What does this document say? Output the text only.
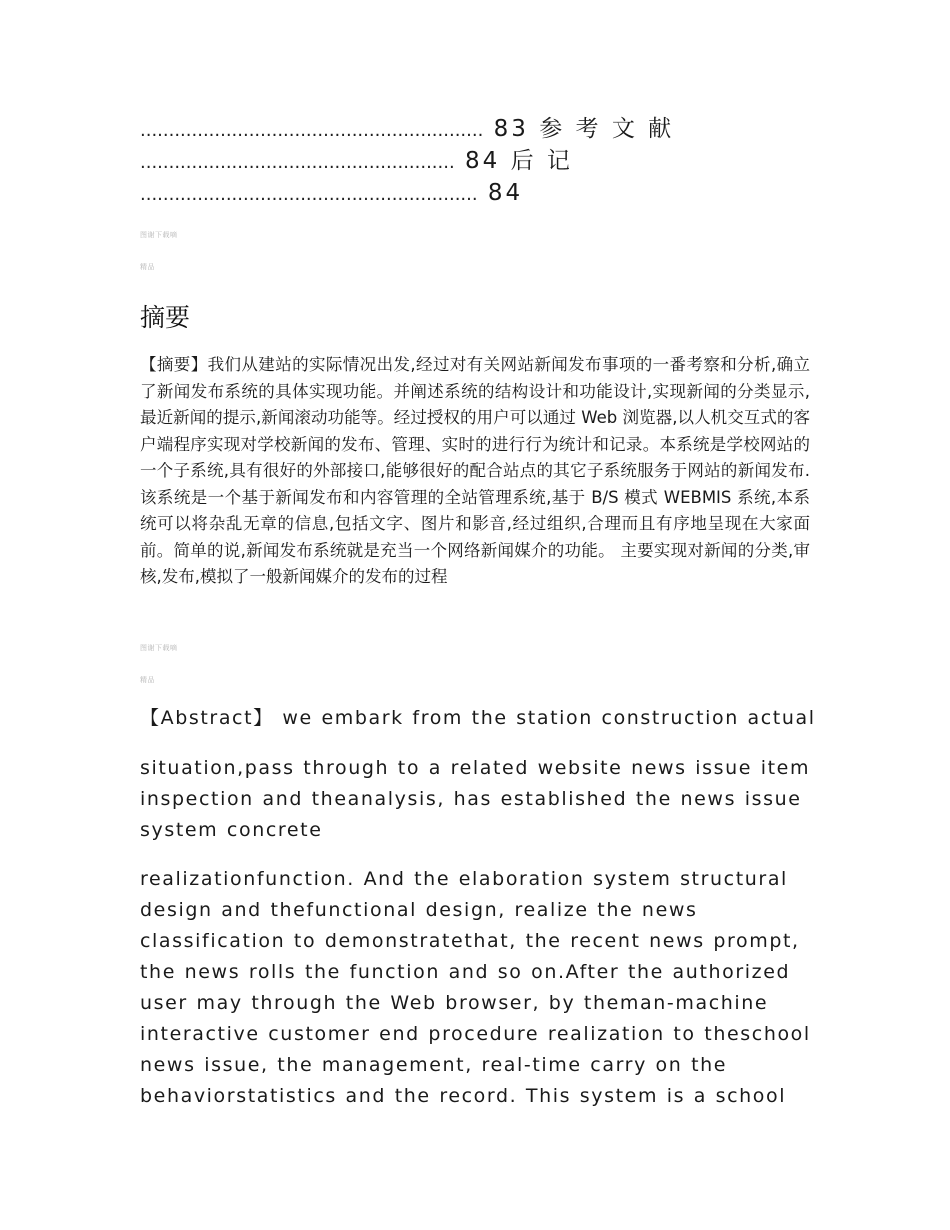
............................................................ 83 参 考 文 献
....................................................... 84 后 记
........................................................... 84
图谢下载嘀
精品
摘要

【摘要】我们从建站的实际情况出发,经过对有关网站新闻发布事项的一番考察和分析,确立了新闻发布系统的具体实现功能。并阐述系统的结构设计和功能设计,实现新闻的分类显示,最近新闻的提示,新闻滚动功能等。经过授权的用户可以通过 Web 浏览器,以人机交互式的客户端程序实现对学校新闻的发布、管理、实时的进行行为统计和记录。本系统是学校网站的一个子系统,具有很好的外部接口,能够很好的配合站点的其它子系统服务于网站的新闻发布.该系统是一个基于新闻发布和内容管理的全站管理系统,基于 B/S 模式 WEBMIS 系统,本系统可以将杂乱无章的信息,包括文字、图片和影音,经过组织,合理而且有序地呈现在大家面前。简单的说,新闻发布系统就是充当一个网络新闻媒介的功能。 主要实现对新闻的分类,审核,发布,模拟了一般新闻媒介的发布的过程

图谢下载嘀
精品

【Abstract】 we embark from the station construction actual

situation,pass through to a related website news issue item inspection and theanalysis, has established the news issue system concrete

realizationfunction. And the elaboration system structural design and thefunctional design, realize the news classification to demonstratethat, the recent news prompt, the news rolls the function and so on.After the authorized user may through the Web browser, by theman-machine interactive customer end procedure realization to theschool news issue, the management, real-time carry on the behaviorstatistics and the record. This system is a school
